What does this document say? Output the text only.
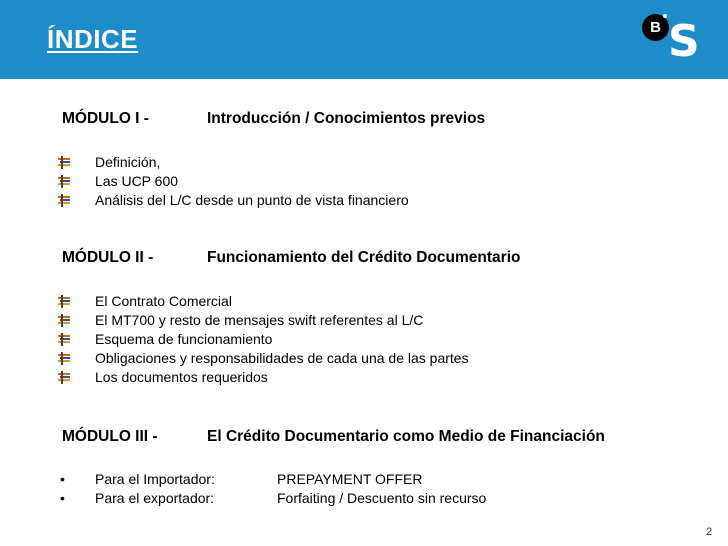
ÍNDICE	B S
MÓDULO I -	Introducción / Conocimientos previos
Definición,
Las UCP 600
Análisis del L/C desde un punto de vista financiero
MÓDULO II -	Funcionamiento del Crédito Documentario
El Contrato Comercial
El MT700 y resto de mensajes swift referentes al L/C
Esquema de funcionamiento
Obligaciones y responsabilidades de cada una de las partes
Los documentos requeridos
MÓDULO III -	El Crédito Documentario como Medio de Financiación
• Para el Importador:	PREPAYMENT OFFER
• Para el exportador:	Forfaiting / Descuento sin recurso
2
